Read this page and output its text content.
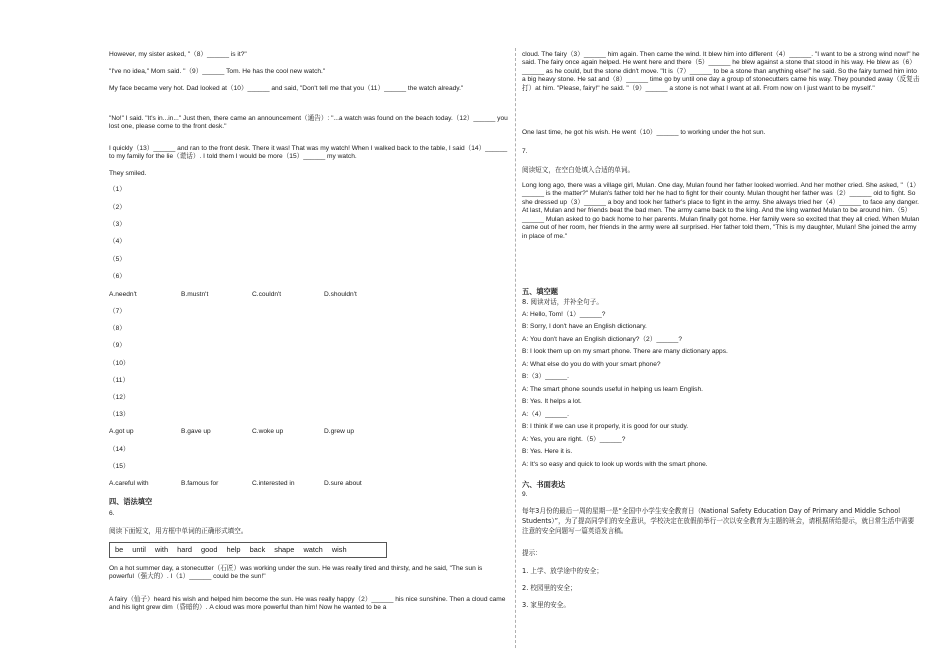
However, my sister asked, "（8）______ is it?"

"I've no idea," Mom said. "（9）______ Tom. He has the cool new watch."

My face became very hot. Dad looked at（10）______ and said, "Don't tell me that you（11）______ the watch already."

"No!" I said. "It's in...in..." Just then, there came an announcement（通告）: "...a watch was found on the beach today.（12）______ you lost one, please come to the front desk."

I quickly（13）______ and ran to the front desk. There it was! That was my watch! When I walked back to the table, I said（14）______ to my family for the lie（谎话）. I told them I would be more（15）______ my watch.

They smiled.

（1）
（2）
（3）
（4）
（5）
（6）
A.needn't	B.mustn't	C.couldn't	D.shouldn't
（7）
（8）
（9）
（10）
（11）
（12）
（13）
A.got up	B.gave up	C.woke up	D.grew up
（14）
（15）
A.careful with	B.famous for	C.interested in	D.sure about
四、语法填空
6.
阅读下面短文，用方框中单词的正确形式填空。
be until with hard good help back shape watch wish

On a hot summer day, a stonecutter（石匠）was working under the sun. He was really tired and thirsty, and he said, "The sun is powerful（强大的）. I（1）______ could be the sun!"

A fairy（仙子）heard his wish and helped him become the sun. He was really happy（2）______ his nice sunshine. Then a cloud came and his light grew dim（昏暗的）. A cloud was more powerful than him! Now he wanted to be a

cloud. The fairy（3）______ him again. Then came the wind. It blew him into different（4）______. "I want to be a strong wind now!" he said. The fairy once again helped. He went here and there（5）______ he blew against a stone that stood in his way. He blew as（6）______ as he could, but the stone didn't move. "It is（7）______ to be a stone than anything else!" he said. So the fairy turned him into a big heavy stone. He sat and（8）______ time go by until one day a group of stonecutters came his way. They pounded away（反复击打）at him. "Please, fairy!" he said. "（9）______ a stone is not what I want at all. From now on I just want to be myself."

One last time, he got his wish. He went（10）______ to working under the hot sun.

7.
阅读短文，在空白处填入合适的单词。

Long long ago, there was a village girl, Mulan. One day, Mulan found her father looked worried. And her mother cried. She asked, "（1）______ is the matter?" Mulan's father told her he had to fight for their county. Mulan thought her father was（2）______ old to fight. So she dressed up（3）______ a boy and took her father's place to fight in the army. She always tried her（4）______ to face any danger. At last, Mulan and her friends beat the bad men. The army came back to the king. And the king wanted Mulan to be around him.（5）______ Mulan asked to go back home to her parents. Mulan finally got home. Her family were so excited that they all cried. When Mulan came out of her room, her friends in the army were all surprised. Her father told them, "This is my daughter, Mulan! She joined the army in place of me."

五、填空题
8. 阅读对话，并补全句子。
A: Hello, Tom!（1）______?
B: Sorry, I don't have an English dictionary.
A: You don't have an English dictionary?（2）______?
B: I look them up on my smart phone. There are many dictionary apps.
A: What else do you do with your smart phone?
B:（3）______.
A: The smart phone sounds useful in helping us learn English.
B: Yes. It helps a lot.
A:（4）______.
B: I think if we can use it properly, it is good for our study.
A: Yes, you are right.（5）______?
B: Yes. Here it is.
A: It's so easy and quick to look up words with the smart phone.
六、书面表达
9.

每年3月份的最后一周的星期一是“全国中小学生安全教育日（National Safety Education Day of Primary and Middle School Students）”，为了提高同学们的安全意识，学校决定在放假前举行一次以安全教育为主题的班会，请根据所给提示，就日常生活中需要注意的安全问题写一篇英语发言稿。

提示：
1. 上学、放学途中的安全；
2. 校园里的安全；
3. 家里的安全。
